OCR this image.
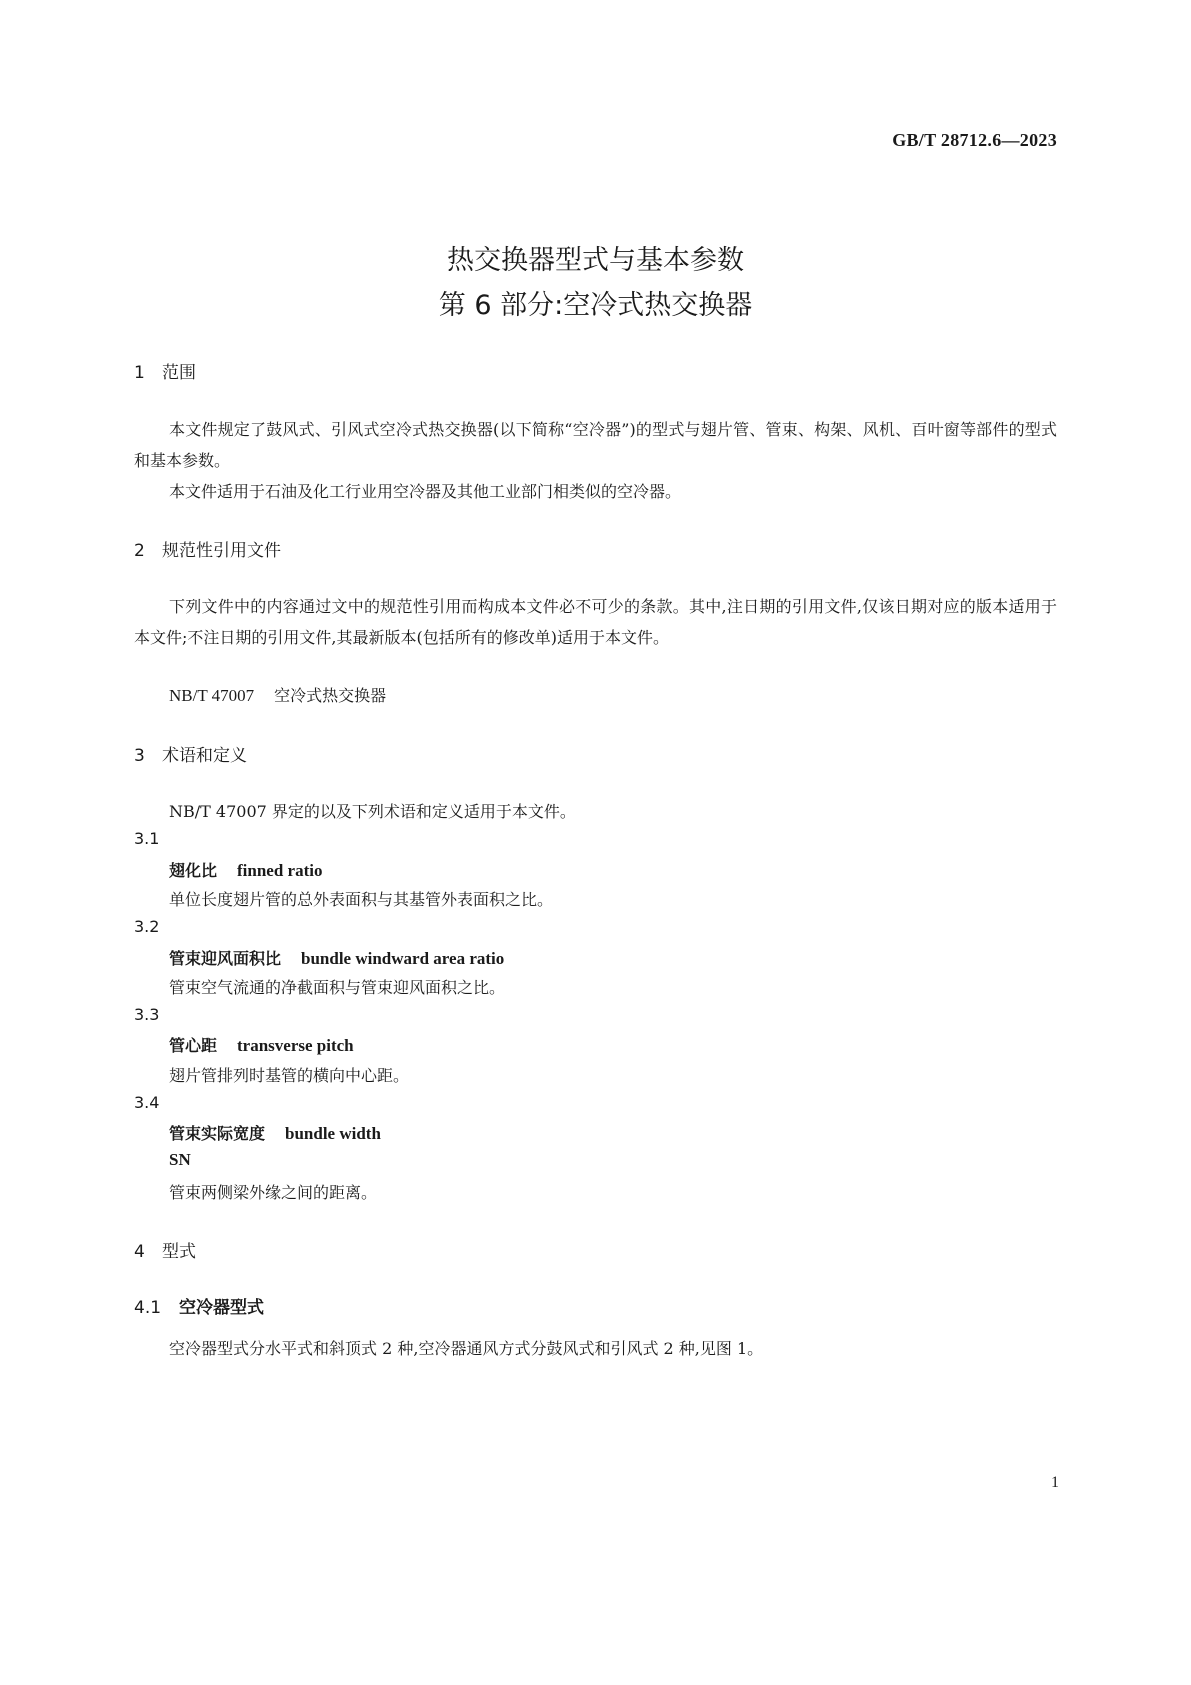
GB/T 28712.6—2023
热交换器型式与基本参数
第 6 部分:空冷式热交换器
1 范围
本文件规定了鼓风式、引风式空冷式热交换器(以下简称“空冷器”)的型式与翅片管、管束、构架、风机、百叶窗等部件的型式和基本参数。
本文件适用于石油及化工行业用空冷器及其他工业部门相类似的空冷器。
2 规范性引用文件
下列文件中的内容通过文中的规范性引用而构成本文件必不可少的条款。其中,注日期的引用文件,仅该日期对应的版本适用于本文件;不注日期的引用文件,其最新版本(包括所有的修改单)适用于本文件。
NB/T 47007 空冷式热交换器
3 术语和定义
NB/T 47007 界定的以及下列术语和定义适用于本文件。
3.1
翅化比 finned ratio
单位长度翅片管的总外表面积与其基管外表面积之比。
3.2
管束迎风面积比 bundle windward area ratio
管束空气流通的净截面积与管束迎风面积之比。
3.3
管心距 transverse pitch
翅片管排列时基管的横向中心距。
3.4
管束实际宽度 bundle width
SN
管束两侧梁外缘之间的距离。
4 型式
4.1 空冷器型式
空冷器型式分水平式和斜顶式 2 种,空冷器通风方式分鼓风式和引风式 2 种,见图 1。
1
